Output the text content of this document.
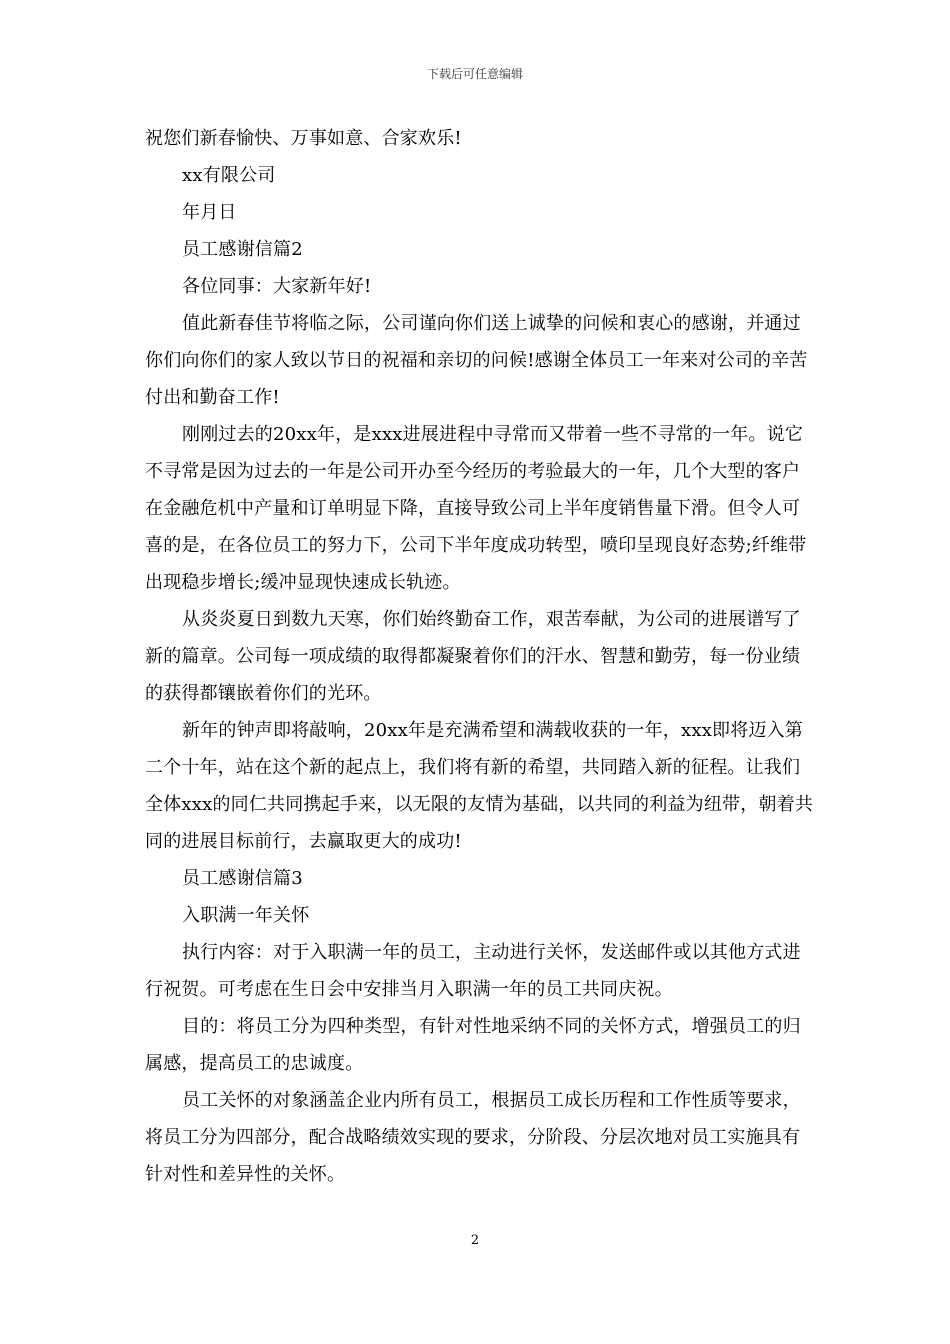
下载后可任意编辑

祝您们新春愉快、万事如意、合家欢乐!

xx有限公司

年月日

员工感谢信篇2

各位同事：大家新年好!

值此新春佳节将临之际，公司谨向你们送上诚挚的问候和衷心的感谢，并通过你们向你们的家人致以节日的祝福和亲切的问候!感谢全体员工一年来对公司的辛苦付出和勤奋工作!

刚刚过去的20xx年，是xxx进展进程中寻常而又带着一些不寻常的一年。说它不寻常是因为过去的一年是公司开办至今经历的考验最大的一年，几个大型的客户在金融危机中产量和订单明显下降，直接导致公司上半年度销售量下滑。但令人可喜的是，在各位员工的努力下，公司下半年度成功转型，喷印呈现良好态势;纤维带出现稳步增长;缓冲显现快速成长轨迹。

从炎炎夏日到数九天寒，你们始终勤奋工作，艰苦奉献，为公司的进展谱写了新的篇章。公司每一项成绩的取得都凝聚着你们的汗水、智慧和勤劳，每一份业绩的获得都镶嵌着你们的光环。

新年的钟声即将敲响，20xx年是充满希望和满载收获的一年，xxx即将迈入第二个十年，站在这个新的起点上，我们将有新的希望，共同踏入新的征程。让我们全体xxx的同仁共同携起手来，以无限的友情为基础，以共同的利益为纽带，朝着共同的进展目标前行，去赢取更大的成功!

员工感谢信篇3

入职满一年关怀

执行内容：对于入职满一年的员工，主动进行关怀，发送邮件或以其他方式进行祝贺。可考虑在生日会中安排当月入职满一年的员工共同庆祝。

目的：将员工分为四种类型，有针对性地采纳不同的关怀方式，增强员工的归属感，提高员工的忠诚度。

员工关怀的对象涵盖企业内所有员工，根据员工成长历程和工作性质等要求，将员工分为四部分，配合战略绩效实现的要求，分阶段、分层次地对员工实施具有针对性和差异性的关怀。

2
